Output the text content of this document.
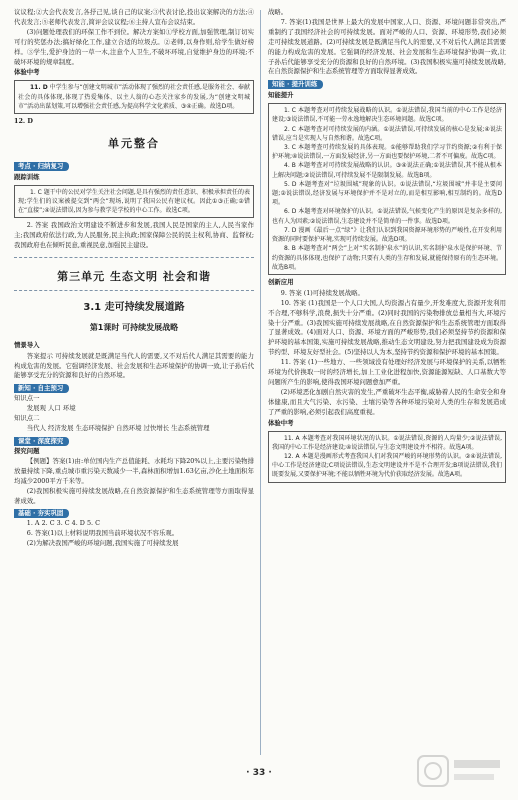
议议程;②大会代表发言,各抒己见,谈自己的议案;③代表讨论,投出议案解决的方法;④代表发言;⑤老师代表发言,简评会议议程;⑥主持人宣布会议结束。

(3)问题处理我们的环保工作不到位。解决方案如①学校方面,加强管理,制订切实可行的奖惩办法;搞好绿化工作,建立合适的垃圾点。②老师,以身作则,给学生做好榜样。③学生,爱护身边的一草一木,注意个人卫生,不破坏环境,自觉维护身边的环境;不破坏环境的规章制度。

体验中考

11. D 中学生参与“创建文明城市”活动体现了强烈的社会责任感,是服务社会、奉献社会的具体体现,体现了热爱集体、以主人翁的心态关注家乡的发展,为“创建文明城市”活动出谋划策,可以增强社会责任感,为提高科学文化素质、③④正确。故选D项。

12. D

单元整合
考点 · 归纳复习
跟踪训练

1. C 题干中的公民对学生关注社会问题,是具有强烈的责任意识、积极承担责任的表现;学生们的议案被提交到“两会”现场,说明了我国公民有建议权。因此①③正确;②错在“直接”;④说法错误,因为参与教学是学校的中心工作。故选C项。

2. 答案 我国政治文明建设不断进步和发展,我国人民是国家的主人,人民当家作主;我国政府依法行政,为人民服务,民主执政;国家保障公民的民主权利,协商、监督权;我国政府也在倾听民意,重视民意,加强民主建设。

第三单元 生态文明 社会和谐
3.1 走可持续发展道路
第1课时 可持续发展战略
情景导入

答案提示 可持续发展就是既满足当代人的需要,又不对后代人满足其需要的能力构成危害的发展。它强调经济发展、社会发展和生态环境保护的协调一致,让子孙后代能够享受充分的资源和良好的自然环境。

新知 · 自主预习

知识点一

发展观 人口 环境

知识点二

当代人 经济发展 生态环境保护 自然环境 过快增长 生态系统管理

课堂 · 深度探究

探究问题

【例题】答案(1)由:单位国内生产总值能耗、水耗均下降20%以上,主要污染物排放量持续下降,重点城市重污染天数减少一半,森林面积增加1.63亿亩,沙化土地面积年均减少2000平方千米等。

(2)我国积极实施可持续发展战略,在自然资源保护和生态系统管理等方面取得显著成效。

基础 · 夯实巩固

1. A 2. C 3. C 4. D 5. C

6. 答案(1)以上材料说明我国当前环境状况不容乐观。

(2)为解决我国严峻的环境问题,我国实施了可持续发展

战略。

7. 答案(1)我国是世界上最大的发展中国家,人口、资源、环境问题非常突出,严重制约了我国经济社会的可持续发展。面对严峻的人口、资源、环境形势,我们必须走可持续发展道路。(2)可持续发展是既满足当代人的需要,又不对后代人满足其需要的能力构成危害的发展。它强调的经济发展、社会发展和生态环境保护协调一致,让子孙后代能够享受充分的资源和良好的自然环境。(3)我国积极实施可持续发展战略,在自然资源保护和生态系统管理等方面取得显著成效。

知能 · 提升训练
知能提升

1. C 本题考查对可持续发展战略的认识。①说法错误,我国当前的中心工作是经济建设;③说法错误,不可能一劳永逸地解决生态环境问题。故选C项。

2. C 本题考查对可持续发展的内涵。①说法错误,可持续发展的核心是发展;④说法错误,应当是实现人与自然和谐。故选C项。

3. C 本题考查可持续发展的具体表现。①能够帮助我们学习节约资源;②有利于保护环境;④说法错误,一方面发展经济,另一方面也要保护环境,二者不可偏废。故选C项。

4. B 本题考查对可持续发展战略的认识。③④说法正确;①说法错误,其不能从根本上解决问题;②说法错误,可持续发展不是限制发展。故选B项。

5. D 本题考查对“垃圾围城”现象的认识。①说法错误,“垃圾围城”并非是主要问题;②说法错误,经济发展与环境保护并不是对立的,而是相互影响,相互制约的。故选D项。

6. D 本题考查对环境保护的认识。①说法错误,气候变化产生的原因是复杂多样的,也有人为因素;②说法错误,生态建设并不是简单的一件事。故选D项。

7. D 漫画《最后一点“绿”》让我们认识到我国资源环境形势的严峻性,在开发利用资源的同时要保护环境,实现可持续发展。故选D项。

8. B 本题考查对“两会”上对“实名制护泉水”的认识,实名制护泉水是保护环境、节约资源的具体体现,也保护了动物;只要有人类的生存和发展,就能保持原有的生态环境。故选B项。

创新应用

9. 答案 (1)可持续发展战略。

10. 答案 (1)我国是一个人口大国,人均资源占有量少,开发难度大,资源开发利用不合理,不够科学,浪费,损失十分严重。(2)同时我国的污染物排放总量相当大,环境污染十分严重。(3)我国实施可持续发展战略,在自然资源保护和生态系统管理方面取得了显著成效。(4)面对人口、资源、环境方面的严峻形势,我们必须坚持节约资源和保护环境的基本国策,实施可持续发展战略,推动生态文明建设,努力把我国建设成为资源节约型、环境友好型社会。(5)坚持以人为本,坚持节约资源和保护环境的基本国策。

11. 答案 (1)一些地方、一些领域没有处理好经济发展与环境保护的关系,以牺牲环境为代价换取一时的经济增长,加上工业化进程加快,资源能源短缺、人口基数大等问题所产生的影响,使得我国环境问题愈加严重。

(2)环境恶化加剧自然灾害的发生,严重破坏生态平衡,威胁着人民的生命安全和身体健康,而且大气污染、水污染、土壤污染等各种环境污染对人类的生存和发展造成了严重的影响,必须引起我们高度重视。

体验中考

11. A 本题考查对我国环境状况的认识。①说法错误,资源的人均量少;②说法错误,我国的中心工作是经济建设;④说法错误,与生态文明建设并不相符。故选A项。

12. A 本题是漫画形式考查我国人们对我国严峻的环境形势的认识。②④说法错误,中心工作是经济建设;C项说法错误,生态文明建设并不是不合理开发;B项说法错误,我们既要发展,又要保护环境;不能以牺牲环境为代价获取经济发展。故选A项。

· 33 ·
